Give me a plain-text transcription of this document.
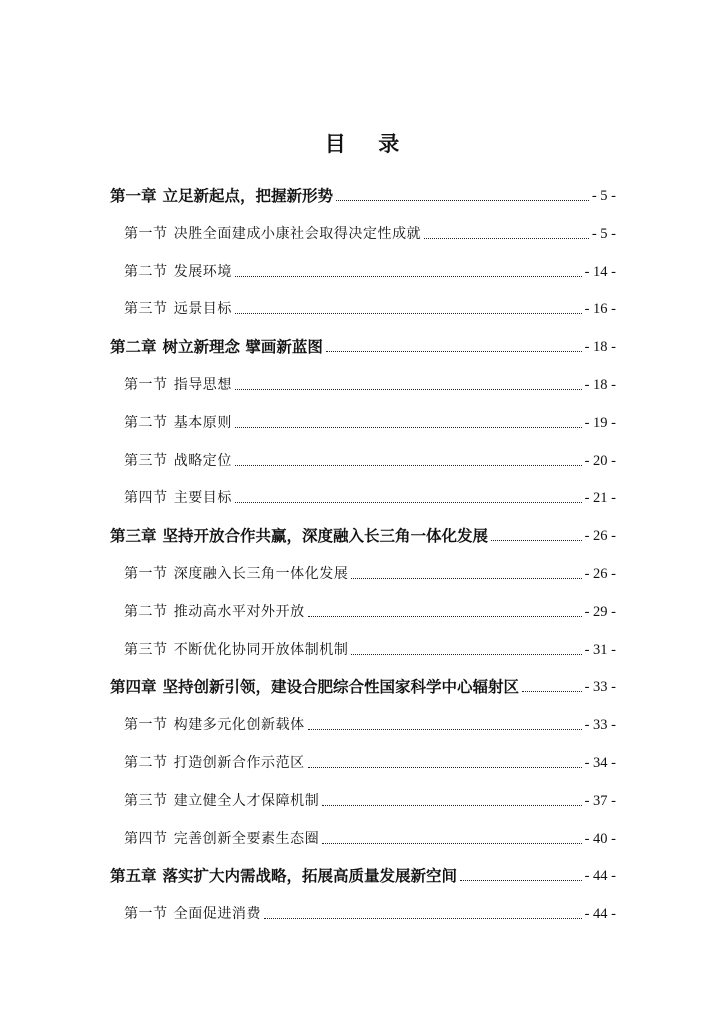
目 录
第一章 立足新起点，把握新形势	- 5 -
第一节 决胜全面建成小康社会取得决定性成就	- 5 -
第二节 发展环境	- 14 -
第三节 远景目标	- 16 -
第二章 树立新理念 擘画新蓝图	- 18 -
第一节 指导思想	- 18 -
第二节 基本原则	- 19 -
第三节 战略定位	- 20 -
第四节 主要目标	- 21 -
第三章 坚持开放合作共赢，深度融入长三角一体化发展	- 26 -
第一节 深度融入长三角一体化发展	- 26 -
第二节 推动高水平对外开放	- 29 -
第三节 不断优化协同开放体制机制	- 31 -
第四章 坚持创新引领，建设合肥综合性国家科学中心辐射区	- 33 -
第一节 构建多元化创新载体	- 33 -
第二节 打造创新合作示范区	- 34 -
第三节 建立健全人才保障机制	- 37 -
第四节 完善创新全要素生态圈	- 40 -
第五章 落实扩大内需战略，拓展高质量发展新空间	- 44 -
第一节 全面促进消费	- 44 -
